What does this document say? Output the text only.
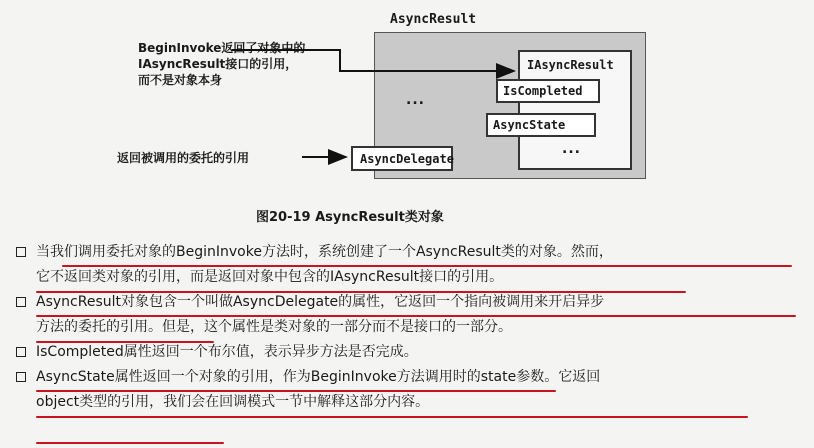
AsyncResult
...
IAsyncResult
IsCompleted
AsyncState
...
AsyncDelegate
BeginInvoke返回了对象中的
IAsyncResult接口的引用，
而不是对象本身
返回被调用的委托的引用
图20-19 AsyncResult类对象
当我们调用委托对象的BeginInvoke方法时，系统创建了一个AsyncResult类的对象。然而，
它不返回类对象的引用，而是返回对象中包含的IAsyncResult接口的引用。
AsyncResult对象包含一个叫做AsyncDelegate的属性，它返回一个指向被调用来开启异步
方法的委托的引用。但是，这个属性是类对象的一部分而不是接口的一部分。
IsCompleted属性返回一个布尔值，表示异步方法是否完成。
AsyncState属性返回一个对象的引用，作为BeginInvoke方法调用时的state参数。它返回
object类型的引用，我们会在回调模式一节中解释这部分内容。
